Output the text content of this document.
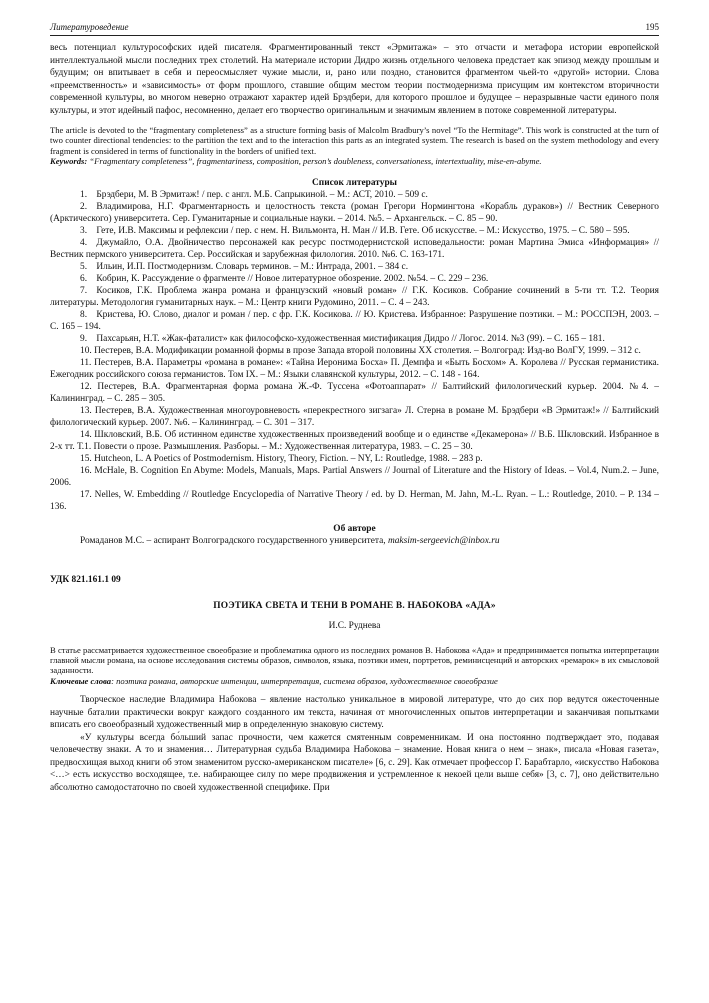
Литературоведение	195

весь потенциал культурософских идей писателя. Фрагментированный текст «Эрмитажа» – это отчасти и метафора истории европейской интеллектуальной мысли последних трех столетий. На материале истории Дидро жизнь отдельного человека предстает как эпизод между прошлым и будущим; он впитывает в себя и переосмысляет чужие мысли, и, рано или поздно, становится фрагментом чьей-то «другой» истории. Слова «преемственность» и «зависимость» от форм прошлого, ставшие общим местом теории постмодернизма присущим им контекстом вторичности современной культуры, во многом неверно отражают характер идей Брэдбери, для которого прошлое и будущее – неразрывные части единого поля культуры, и этот идейный пафос, несомненно, делает его творчество оригинальным и значимым явлением в потоке современной литературы.

The article is devoted to the “fragmentary completeness” as a structure forming basis of Malcolm Bradbury’s novel “To the Hermitage”. This work is constructed at the turn of two counter directional tendencies: to the partition the text and to the interaction this parts as an integrated system. The research is based on the system methodology and every fragment is considered in terms of functionality in the borders of unified text.

Keywords: “Fragmentary completeness”, fragmentariness, composition, person’s doubleness, conversationess, intertextuality, mise-en-abyme.

Список литературы

1. Брэдбери, М. В Эрмитаж! / пер. с англ. М.Б. Сапрыкиной. – М.: АСТ, 2010. – 509 с.

2. Владимирова, Н.Г. Фрагментарность и целостность текста (роман Грегори Нормингтона «Корабль дураков») // Вестник Северного (Арктического) университета. Сер. Гуманитарные и социальные науки. – 2014. №5. – Архангельск. – С. 85 – 90.

3. Гете, И.В. Максимы и рефлексии / пер. с нем. Н. Вильмонта, Н. Ман // И.В. Гете. Об искусстве. – М.: Искусство, 1975. – С. 580 – 595.

4. Джумайло, О.А. Двойничество персонажей как ресурс постмодернистской исповедальности: роман Мартина Эмиса «Информация» // Вестник пермского университета. Сер. Российская и зарубежная филология. 2010. №6. С. 163-171.

5. Ильин, И.П. Постмодернизм. Словарь терминов. – М.: Интрада, 2001. – 384 с.

6. Кобрин, К. Рассуждение о фрагменте // Новое литературное обозрение. 2002. №54. – С. 229 – 236.

7. Косиков, Г.К. Проблема жанра романа и французский «новый роман» // Г.К. Косиков. Собрание сочинений в 5-ти тт. Т.2. Теория литературы. Методология гуманитарных наук. – М.: Центр книги Рудомино, 2011. – С. 4 – 243.

8. Кристева, Ю. Слово, диалог и роман / пер. с фр. Г.К. Косикова. // Ю. Кристева. Избранное: Разрушение поэтики. – М.: РОССПЭН, 2003. – С. 165 – 194.

9. Пахсарьян, Н.Т. «Жак-фаталист» как философско-художественная мистификация Дидро // Логос. 2014. №3 (99). – С. 165 – 181.

10. Пестерев, В.А. Модификации романной формы в прозе Запада второй половины XX столетия. – Волгоград: Изд-во ВолГУ, 1999. – 312 с.

11. Пестерев, В.А. Параметры «романа в романе»: «Тайна Иеронима Босха» П. Демпфа и «Быть Босхом» А. Королева // Русская германистика. Ежегодник российского союза германистов. Том IX. – М.: Языки славянской культуры, 2012. – С. 148 - 164.

12. Пестерев, В.А. Фрагментарная форма романа Ж.-Ф. Туссена «Фотоаппарат» // Балтийский филологический курьер. 2004. №4. – Калининград. – С. 285 – 305.

13. Пестерев, В.А. Художественная многоуровневость «перекрестного зигзага» Л. Стерна в романе М. Брэдбери «В Эрмитаж!» // Балтийский филологический курьер. 2007. №6. – Калининград. – С. 301 – 317.

14. Шкловский, В.Б. Об истинном единстве художественных произведений вообще и о единстве «Декамерона» // В.Б. Шкловский. Избранное в 2-х тт. Т.1. Повести о прозе. Размышления. Разборы. – М.: Художественная литература, 1983. – С. 25 – 30.

15. Hutcheon, L. A Poetics of Postmodernism. History, Theory, Fiction. – NY, L: Routledge, 1988. – 283 p.

16. McHale, B. Cognition En Abyme: Models, Manuals, Maps. Partial Answers // Journal of Literature and the History of Ideas. – Vol.4, Num.2. – June, 2006.

17. Nelles, W. Embedding // Routledge Encyclopedia of Narrative Theory / ed. by D. Herman, M. Jahn, M.-L. Ryan. – L.: Routledge, 2010. – P. 134 – 136.

Об авторе

Ромаданов М.С. – аспирант Волгоградского государственного университета, maksim-sergeevich@inbox.ru

УДК 821.161.1 09
ПОЭТИКА СВЕТА И ТЕНИ В РОМАНЕ В. НАБОКОВА «АДА»
И.С. Руднева

В статье рассматривается художественное своеобразие и проблематика одного из последних романов В. Набокова «Ада» и предпринимается попытка интерпретации главной мысли романа, на основе исследования системы образов, символов, языка, поэтики имен, портретов, реминисценций и авторских «ремарок» в их смысловой заданности.

Ключевые слова: поэтика романа, авторские интенции, интерпретация, система образов, художественное своеобразие

Творческое наследие Владимира Набокова – явление настолько уникальное в мировой литературе, что до сих пор ведутся ожесточенные научные баталии практически вокруг каждого созданного им текста, начиная от многочисленных опытов интерпретации и заканчивая попытками вписать его своеобразный художественный мир в определенную знаковую систему.

«У культуры всегда бо́льший запас прочности, чем кажется смятенным современникам. И она постоянно подтверждает это, подавая человечеству знаки. А то и знамения… Литературная судьба Владимира Набокова – знамение. Новая книга о нем – знак», писала «Новая газета», предвосхищая выход книги об этом знаменитом русско-американском писателе» [6, с. 29]. Как отмечает профессор Г. Барабтарло, «искусство Набокова <…> есть искусство восходящее, т.е. набирающее силу по мере продвижения и устремленное к некоей цели выше себя» [3, с. 7], оно действительно абсолютно самодостаточно по своей художественной специфике. При
